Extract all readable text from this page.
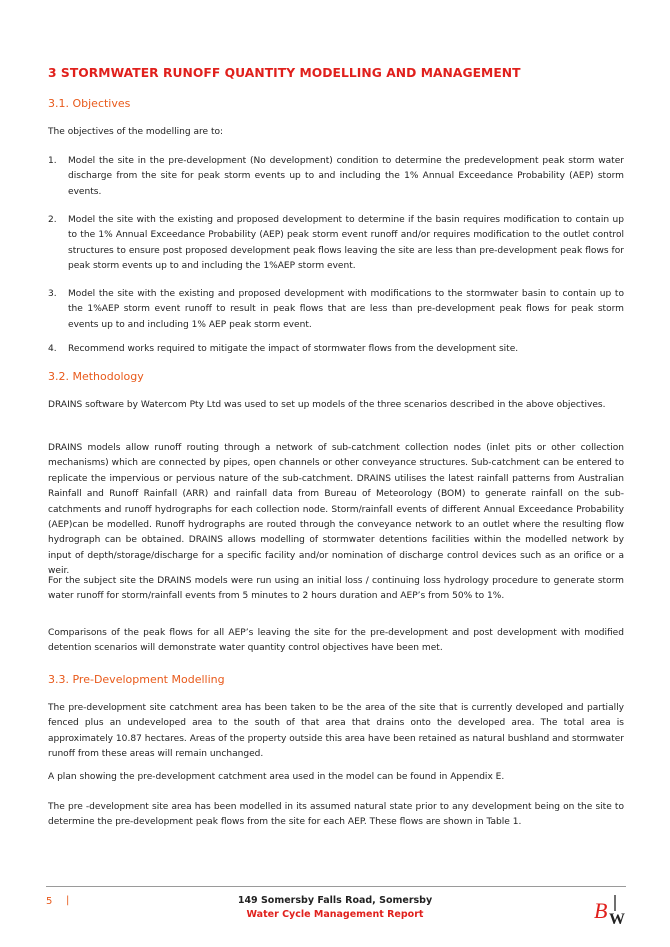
3 STORMWATER RUNOFF QUANTITY MODELLING AND MANAGEMENT
3.1. Objectives

The objectives of the modelling are to:

1.	Model the site in the pre-development (No development) condition to determine the predevelopment peak storm water discharge from the site for peak storm events up to and including the 1% Annual Exceedance Probability (AEP) storm events.
2.	Model the site with the existing and proposed development to determine if the basin requires modification to contain up to the 1% Annual Exceedance Probability (AEP) peak storm event runoff and/or requires modification to the outlet control structures to ensure post proposed development peak flows leaving the site are less than pre-development peak flows for peak storm events up to and including the 1%AEP storm event.
3.	Model the site with the existing and proposed development with modifications to the stormwater basin to contain up to the 1%AEP storm event runoff to result in peak flows that are less than pre-development peak flows for peak storm events up to and including 1% AEP peak storm event.
4.	Recommend works required to mitigate the impact of stormwater flows from the development site.
3.2. Methodology

DRAINS software by Watercom Pty Ltd was used to set up models of the three scenarios described in the above objectives.

DRAINS models allow runoff routing through a network of sub-catchment collection nodes (inlet pits or other collection mechanisms) which are connected by pipes, open channels or other conveyance structures. Sub-catchment can be entered to replicate the impervious or pervious nature of the sub-catchment. DRAINS utilises the latest rainfall patterns from Australian Rainfall and Runoff Rainfall (ARR) and rainfall data from Bureau of Meteorology (BOM) to generate rainfall on the sub-catchments and runoff hydrographs for each collection node. Storm/rainfall events of different Annual Exceedance Probability (AEP)can be modelled. Runoff hydrographs are routed through the conveyance network to an outlet where the resulting flow hydrograph can be obtained. DRAINS allows modelling of stormwater detentions facilities within the modelled network by input of depth/storage/discharge for a specific facility and/or nomination of discharge control devices such as an orifice or a weir.

For the subject site the DRAINS models were run using an initial loss / continuing loss hydrology procedure to generate storm water runoff for storm/rainfall events from 5 minutes to 2 hours duration and AEP’s from 50% to 1%.

Comparisons of the peak flows for all AEP’s leaving the site for the pre-development and post development with modified detention scenarios will demonstrate water quantity control objectives have been met.

3.3. Pre-Development Modelling

The pre-development site catchment area has been taken to be the area of the site that is currently developed and partially fenced plus an undeveloped area to the south of that area that drains onto the developed area. The total area is approximately 10.87 hectares. Areas of the property outside this area have been retained as natural bushland and stormwater runoff from these areas will remain unchanged.

A plan showing the pre-development catchment area used in the model can be found in Appendix E.

The pre -development site area has been modelled in its assumed natural state prior to any development being on the site to determine the pre-development peak flows from the site for each AEP. These flows are shown in Table 1.

5 |	149 Somersby Falls Road, Somersby
Water Cycle Management Report	B W
